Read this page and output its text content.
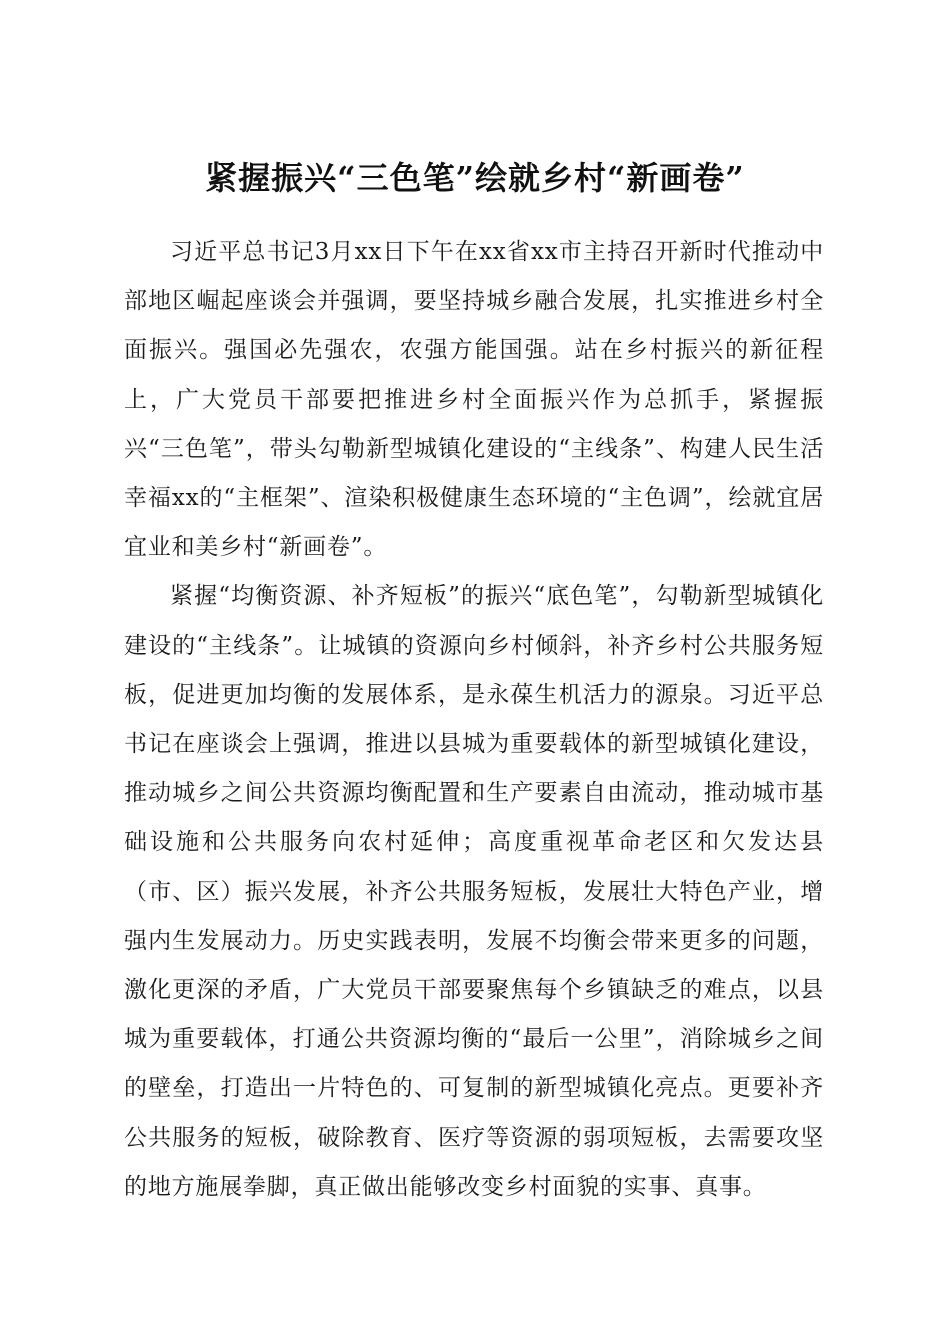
紧握振兴“三色笔”绘就乡村“新画卷”

习近平总书记3月xx日下午在xx省xx市主持召开新时代推动中部地区崛起座谈会并强调，要坚持城乡融合发展，扎实推进乡村全面振兴。强国必先强农，农强方能国强。站在乡村振兴的新征程上，广大党员干部要把推进乡村全面振兴作为总抓手，紧握振兴“三色笔”，带头勾勒新型城镇化建设的“主线条”、构建人民生活幸福xx的“主框架”、渲染积极健康生态环境的“主色调”，绘就宜居宜业和美乡村“新画卷”。

紧握“均衡资源、补齐短板”的振兴“底色笔”，勾勒新型城镇化建设的“主线条”。让城镇的资源向乡村倾斜，补齐乡村公共服务短板，促进更加均衡的发展体系，是永葆生机活力的源泉。习近平总书记在座谈会上强调，推进以县城为重要载体的新型城镇化建设，推动城乡之间公共资源均衡配置和生产要素自由流动，推动城市基础设施和公共服务向农村延伸；高度重视革命老区和欠发达县（市、区）振兴发展，补齐公共服务短板，发展壮大特色产业，增强内生发展动力。历史实践表明，发展不均衡会带来更多的问题，激化更深的矛盾，广大党员干部要聚焦每个乡镇缺乏的难点，以县城为重要载体，打通公共资源均衡的“最后一公里”，消除城乡之间的壁垒，打造出一片特色的、可复制的新型城镇化亮点。更要补齐公共服务的短板，破除教育、医疗等资源的弱项短板，去需要攻坚的地方施展拳脚，真正做出能够改变乡村面貌的实事、真事。
